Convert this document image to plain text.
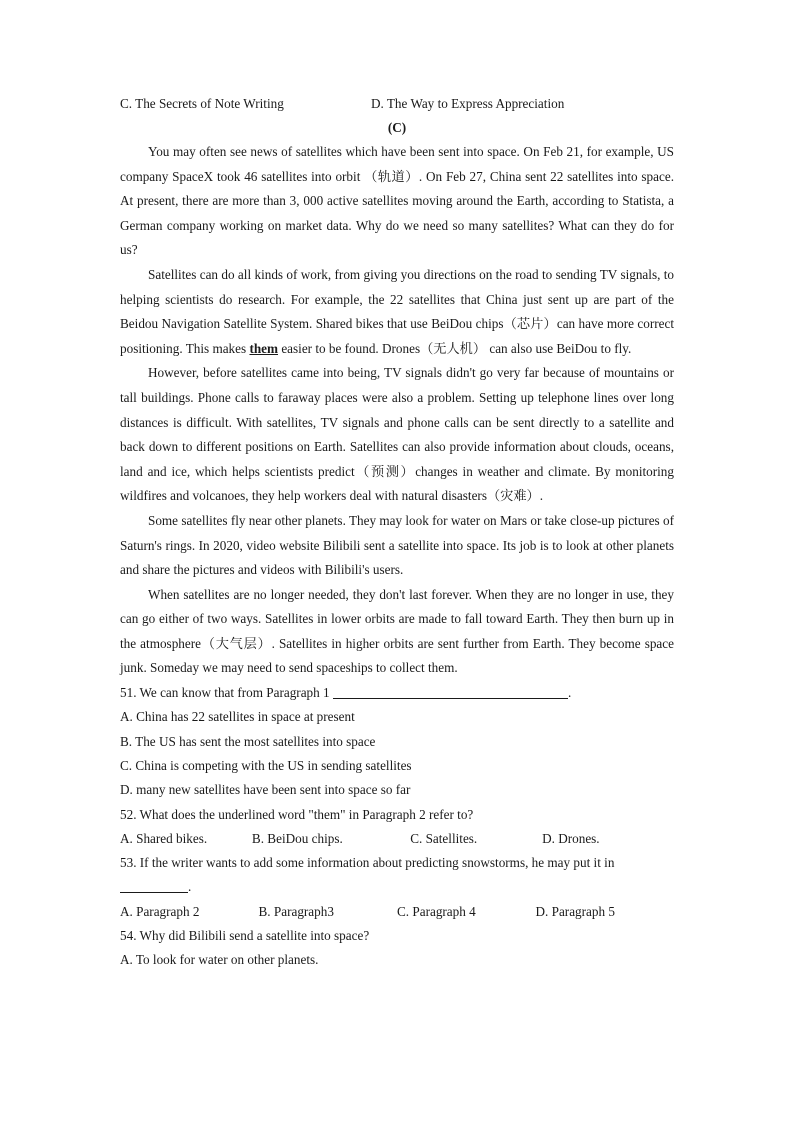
C. The Secrets of Note Writing	D. The Way to Express Appreciation
(C)

You may often see news of satellites which have been sent into space. On Feb 21, for example, US company SpaceX took 46 satellites into orbit （轨道）. On Feb 27, China sent 22 satellites into space. At present, there are more than 3, 000 active satellites moving around the Earth, according to Statista, a German company working on market data. Why do we need so many satellites? What can they do for us?

Satellites can do all kinds of work, from giving you directions on the road to sending TV signals, to helping scientists do research. For example, the 22 satellites that China just sent up are part of the Beidou Navigation Satellite System. Shared bikes that use BeiDou chips（芯片）can have more correct positioning. This makes them easier to be found. Drones（无人机） can also use BeiDou to fly.

However, before satellites came into being, TV signals didn't go very far because of mountains or tall buildings. Phone calls to faraway places were also a problem. Setting up telephone lines over long distances is difficult. With satellites, TV signals and phone calls can be sent directly to a satellite and back down to different positions on Earth. Satellites can also provide information about clouds, oceans, land and ice, which helps scientists predict（预测）changes in weather and climate. By monitoring wildfires and volcanoes, they help workers deal with natural disasters（灾难）.

Some satellites fly near other planets. They may look for water on Mars or take close-up pictures of Saturn's rings. In 2020, video website Bilibili sent a satellite into space. Its job is to look at other planets and share the pictures and videos with Bilibili's users.

When satellites are no longer needed, they don't last forever. When they are no longer in use, they can go either of two ways. Satellites in lower orbits are made to fall toward Earth. They then burn up in the atmosphere（大气层）. Satellites in higher orbits are sent further from Earth. They become space junk. Someday we may need to send spaceships to collect them.

51. We can know that from Paragraph 1	.
A. China has 22 satellites in space at present
B. The US has sent the most satellites into space
C. China is competing with the US in sending satellites
D. many new satellites have been sent into space so far
52. What does the underlined word "them" in Paragraph 2 refer to?
A. Shared bikes.	B. BeiDou chips.	C. Satellites.	D. Drones.
53. If the writer wants to add some information about predicting snowstorms, he may put it in
.
A. Paragraph 2	B. Paragraph3	C. Paragraph 4	D. Paragraph 5
54. Why did Bilibili send a satellite into space?
A. To look for water on other planets.
